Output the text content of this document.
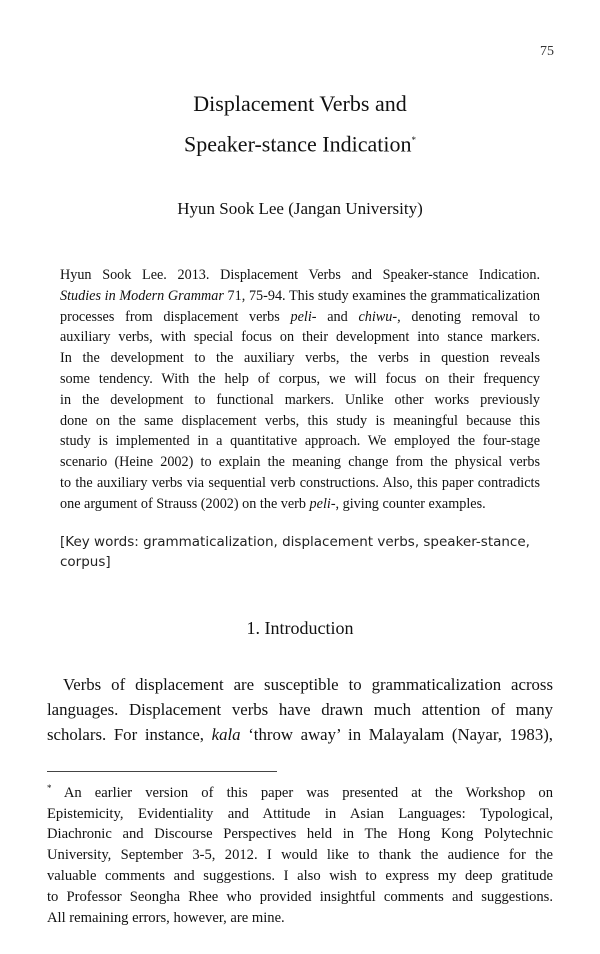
75
Displacement Verbs and
Speaker-stance Indication*
Hyun Sook Lee (Jangan University)
Hyun Sook Lee. 2013. Displacement Verbs and Speaker-stance Indication.
Studies in Modern Grammar 71, 75-94. This study examines the grammaticalization
processes from displacement verbs peli- and chiwu-, denoting removal to
auxiliary verbs, with special focus on their development into stance markers.
In the development to the auxiliary verbs, the verbs in question reveals
some tendency. With the help of corpus, we will focus on their frequency
in the development to functional markers. Unlike other works previously
done on the same displacement verbs, this study is meaningful because this
study is implemented in a quantitative approach. We employed the four-stage
scenario (Heine 2002) to explain the meaning change from the physical verbs
to the auxiliary verbs via sequential verb constructions. Also, this paper contradicts
one argument of Strauss (2002) on the verb peli-, giving counter examples.
[Key words: grammaticalization, displacement verbs, speaker-stance,
corpus]
1. Introduction
Verbs of displacement are susceptible to grammaticalization across
languages. Displacement verbs have drawn much attention of many
scholars. For instance, kala ‘throw away’ in Malayalam (Nayar, 1983),
* An earlier version of this paper was presented at the Workshop on
Epistemicity, Evidentiality and Attitude in Asian Languages: Typological,
Diachronic and Discourse Perspectives held in The Hong Kong Polytechnic
University, September 3-5, 2012. I would like to thank the audience for the
valuable comments and suggestions. I also wish to express my deep gratitude
to Professor Seongha Rhee who provided insightful comments and suggestions.
All remaining errors, however, are mine.
